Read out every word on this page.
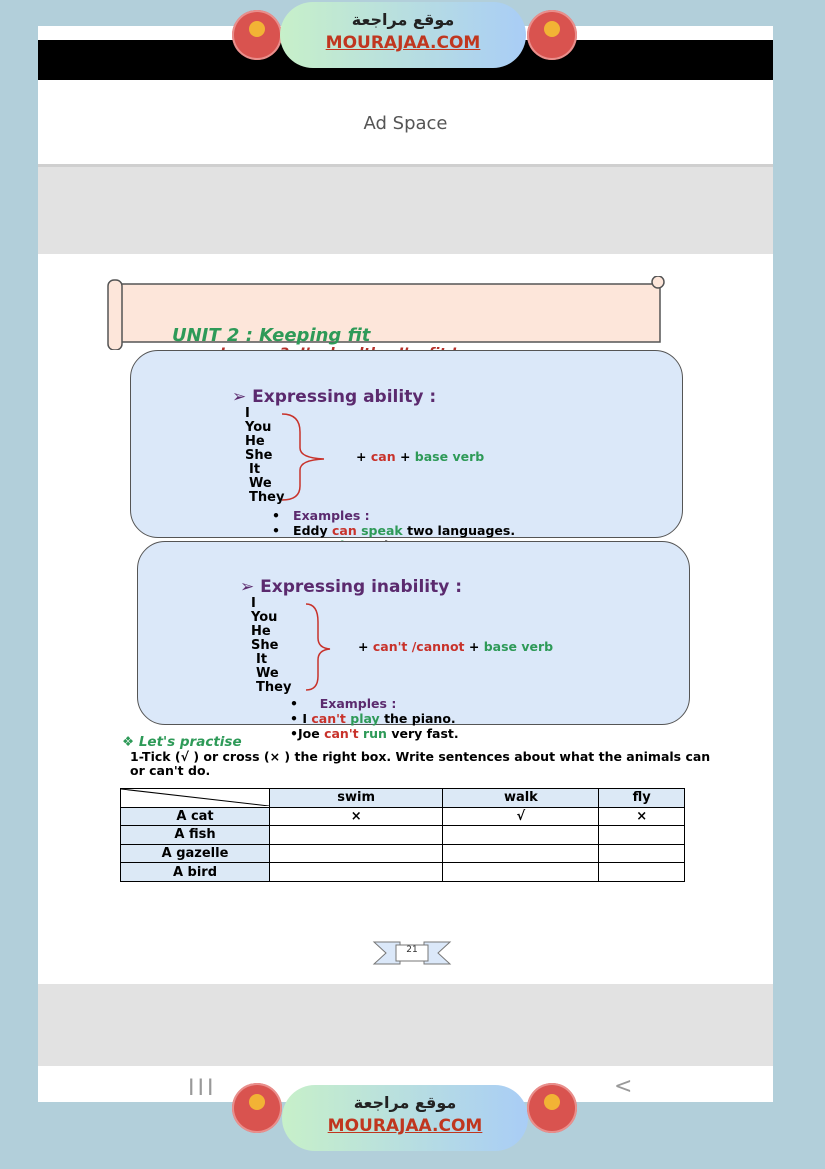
Ad Space
III	<
UNIT 2 : Keeping fit
➢ Expressing ability :
I
You
He
She
It
We
They
+ can + base verb
•   Examples :
•   Eddy can speak two languages.

➢ Expressing inability :
I
You
He
She
It
We
They
+ can't /cannot + base verb
•     Examples :
• I can't play the piano.
•Joe can't run very fast.
❖ Let's practise
1-Tick (√ ) or cross (× ) the right box. Write sentences about what the animals can or can't do.
	swim	walk	fly
A cat	×	√	×
A fish			
A gazelle			
A bird			
21
موقع مراجعة
MOURAJAA.COM
موقع مراجعة
MOURAJAA.COM
